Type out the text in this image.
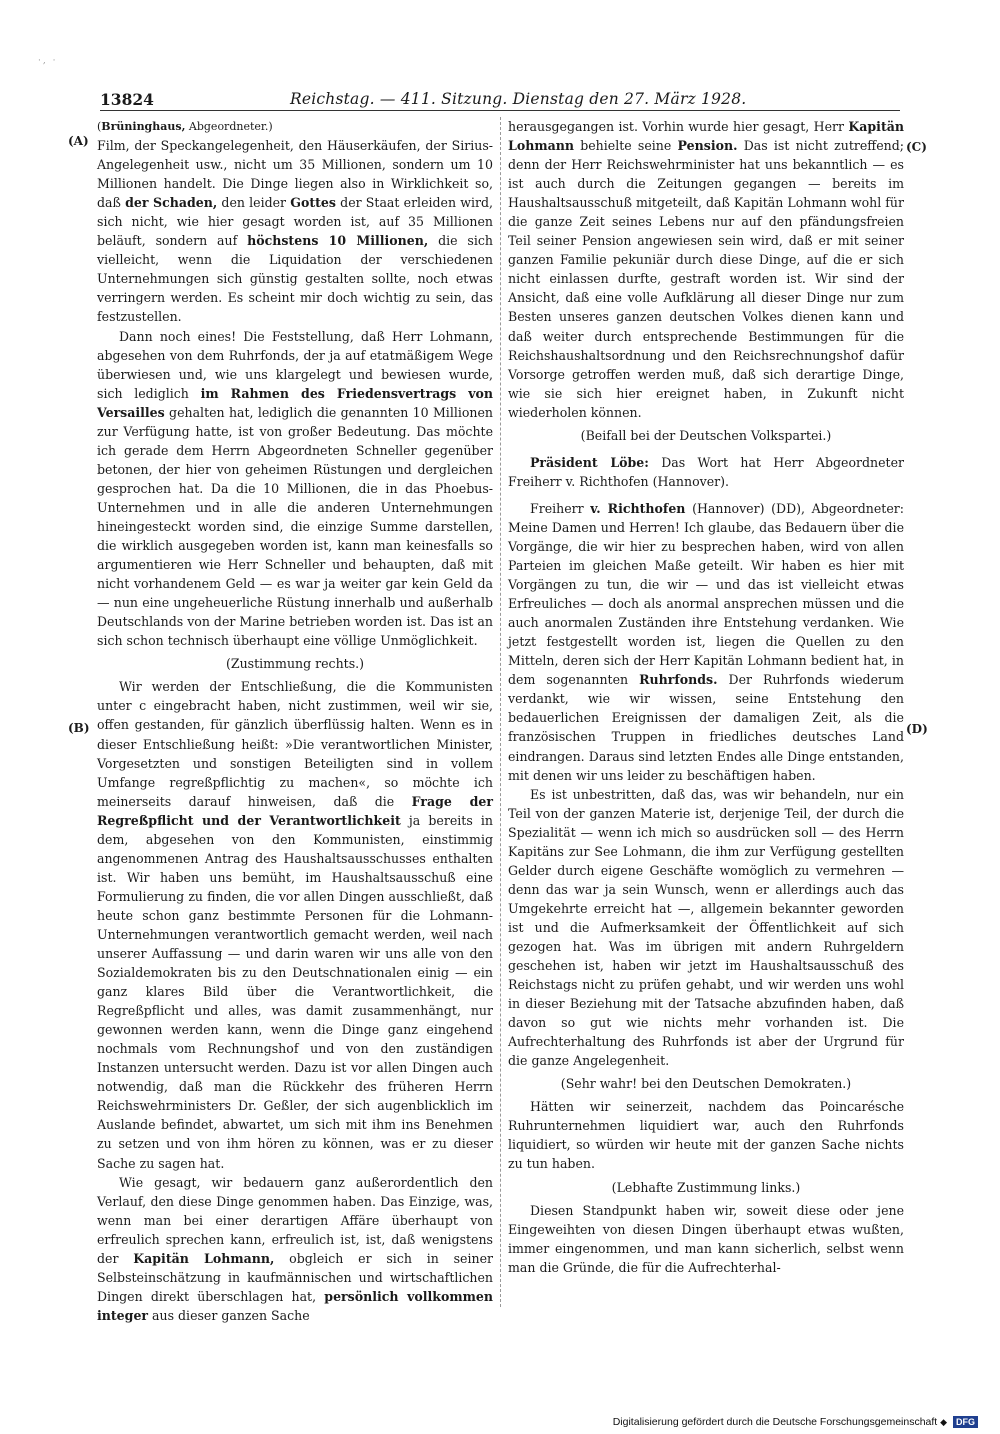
·, ·
13824	Reichstag. — 411. Sitzung. Dienstag den 27. März 1928.
(A)
(B)
(C)
(D)

(Brüninghaus, Abgeordneter.)

Film, der Speckangelegenheit, den Häuserkäufen, der Sirius-Angelegenheit usw., nicht um 35 Millionen, sondern um 10 Millionen handelt. Die Dinge liegen also in Wirklichkeit so, daß der Schaden, den leider Gottes der Staat erleiden wird, sich nicht, wie hier gesagt worden ist, auf 35 Millionen beläuft, sondern auf höchstens 10 Millionen, die sich vielleicht, wenn die Liquidation der verschiedenen Unternehmungen sich günstig gestalten sollte, noch etwas verringern werden. Es scheint mir doch wichtig zu sein, das festzustellen.

Dann noch eines! Die Feststellung, daß Herr Lohmann, abgesehen von dem Ruhrfonds, der ja auf etatmäßigem Wege überwiesen und, wie uns klargelegt und bewiesen wurde, sich lediglich im Rahmen des Friedensvertrags von Versailles gehalten hat, lediglich die genannten 10 Millionen zur Verfügung hatte, ist von großer Bedeutung. Das möchte ich gerade dem Herrn Abgeordneten Schneller gegenüber betonen, der hier von geheimen Rüstungen und dergleichen gesprochen hat. Da die 10 Millionen, die in das Phoebus-Unternehmen und in alle die anderen Unternehmungen hineingesteckt worden sind, die einzige Summe darstellen, die wirklich ausgegeben worden ist, kann man keinesfalls so argumentieren wie Herr Schneller und behaupten, daß mit nicht vorhandenem Geld — es war ja weiter gar kein Geld da — nun eine ungeheuerliche Rüstung innerhalb und außerhalb Deutschlands von der Marine betrieben worden ist. Das ist an sich schon technisch überhaupt eine völlige Unmöglichkeit.

(Zustimmung rechts.)

Wir werden der Entschließung, die die Kommunisten unter c eingebracht haben, nicht zustimmen, weil wir sie, offen gestanden, für gänzlich überflüssig halten. Wenn es in dieser Entschließung heißt: »Die verantwortlichen Minister, Vorgesetzten und sonstigen Beteiligten sind in vollem Umfange regreßpflichtig zu machen«, so möchte ich meinerseits darauf hinweisen, daß die Frage der Regreßpflicht und der Verantwortlichkeit ja bereits in dem, abgesehen von den Kommunisten, einstimmig angenommenen Antrag des Haushaltsausschusses enthalten ist. Wir haben uns bemüht, im Haushaltsausschuß eine Formulierung zu finden, die vor allen Dingen ausschließt, daß heute schon ganz bestimmte Personen für die Lohmann-Unternehmungen verantwortlich gemacht werden, weil nach unserer Auffassung — und darin waren wir uns alle von den Sozialdemokraten bis zu den Deutschnationalen einig — ein ganz klares Bild über die Verantwortlichkeit, die Regreßpflicht und alles, was damit zusammenhängt, nur gewonnen werden kann, wenn die Dinge ganz eingehend nochmals vom Rechnungshof und von den zuständigen Instanzen untersucht werden. Dazu ist vor allen Dingen auch notwendig, daß man die Rückkehr des früheren Herrn Reichswehrministers Dr. Geßler, der sich augenblicklich im Auslande befindet, abwartet, um sich mit ihm ins Benehmen zu setzen und von ihm hören zu können, was er zu dieser Sache zu sagen hat.

Wie gesagt, wir bedauern ganz außerordentlich den Verlauf, den diese Dinge genommen haben. Das Einzige, was, wenn man bei einer derartigen Affäre überhaupt von erfreulich sprechen kann, erfreulich ist, ist, daß wenigstens der Kapitän Lohmann, obgleich er sich in seiner Selbsteinschätzung in kaufmännischen und wirtschaftlichen Dingen direkt überschlagen hat, persönlich vollkommen integer aus dieser ganzen Sache

herausgegangen ist. Vorhin wurde hier gesagt, Herr Kapitän Lohmann behielte seine Pension. Das ist nicht zutreffend; denn der Herr Reichswehrminister hat uns bekanntlich — es ist auch durch die Zeitungen gegangen — bereits im Haushaltsausschuß mitgeteilt, daß Kapitän Lohmann wohl für die ganze Zeit seines Lebens nur auf den pfändungsfreien Teil seiner Pension angewiesen sein wird, daß er mit seiner ganzen Familie pekuniär durch diese Dinge, auf die er sich nicht einlassen durfte, gestraft worden ist. Wir sind der Ansicht, daß eine volle Aufklärung all dieser Dinge nur zum Besten unseres ganzen deutschen Volkes dienen kann und daß weiter durch entsprechende Bestimmungen für die Reichshaushaltsordnung und den Reichsrechnungshof dafür Vorsorge getroffen werden muß, daß sich derartige Dinge, wie sie sich hier ereignet haben, in Zukunft nicht wiederholen können.

(Beifall bei der Deutschen Volkspartei.)

Präsident Löbe: Das Wort hat Herr Abgeordneter Freiherr v. Richthofen (Hannover).

Freiherr v. Richthofen (Hannover) (DD), Abgeordneter: Meine Damen und Herren! Ich glaube, das Bedauern über die Vorgänge, die wir hier zu besprechen haben, wird von allen Parteien im gleichen Maße geteilt. Wir haben es hier mit Vorgängen zu tun, die wir — und das ist vielleicht etwas Erfreuliches — doch als anormal ansprechen müssen und die auch anormalen Zuständen ihre Entstehung verdanken. Wie jetzt festgestellt worden ist, liegen die Quellen zu den Mitteln, deren sich der Herr Kapitän Lohmann bedient hat, in dem sogenannten Ruhrfonds. Der Ruhrfonds wiederum verdankt, wie wir wissen, seine Entstehung den bedauerlichen Ereignissen der damaligen Zeit, als die französischen Truppen in friedliches deutsches Land eindrangen. Daraus sind letzten Endes alle Dinge entstanden, mit denen wir uns leider zu beschäftigen haben.

Es ist unbestritten, daß das, was wir behandeln, nur ein Teil von der ganzen Materie ist, derjenige Teil, der durch die Spezialität — wenn ich mich so ausdrücken soll — des Herrn Kapitäns zur See Lohmann, die ihm zur Verfügung gestellten Gelder durch eigene Geschäfte womöglich zu vermehren — denn das war ja sein Wunsch, wenn er allerdings auch das Umgekehrte erreicht hat —, allgemein bekannter geworden ist und die Aufmerksamkeit der Öffentlichkeit auf sich gezogen hat. Was im übrigen mit andern Ruhrgeldern geschehen ist, haben wir jetzt im Haushaltsausschuß des Reichstags nicht zu prüfen gehabt, und wir werden uns wohl in dieser Beziehung mit der Tatsache abzufinden haben, daß davon so gut wie nichts mehr vorhanden ist. Die Aufrechterhaltung des Ruhrfonds ist aber der Urgrund für die ganze Angelegenheit.

(Sehr wahr! bei den Deutschen Demokraten.)

Hätten wir seinerzeit, nachdem das Poincarésche Ruhrunternehmen liquidiert war, auch den Ruhrfonds liquidiert, so würden wir heute mit der ganzen Sache nichts zu tun haben.

(Lebhafte Zustimmung links.)

Diesen Standpunkt haben wir, soweit diese oder jene Eingeweihten von diesen Dingen überhaupt etwas wußten, immer eingenommen, und man kann sicherlich, selbst wenn man die Gründe, die für die Aufrechterhal-

Digitalisierung gefördert durch die Deutsche Forschungsgemeinschaft ◆ DFG
